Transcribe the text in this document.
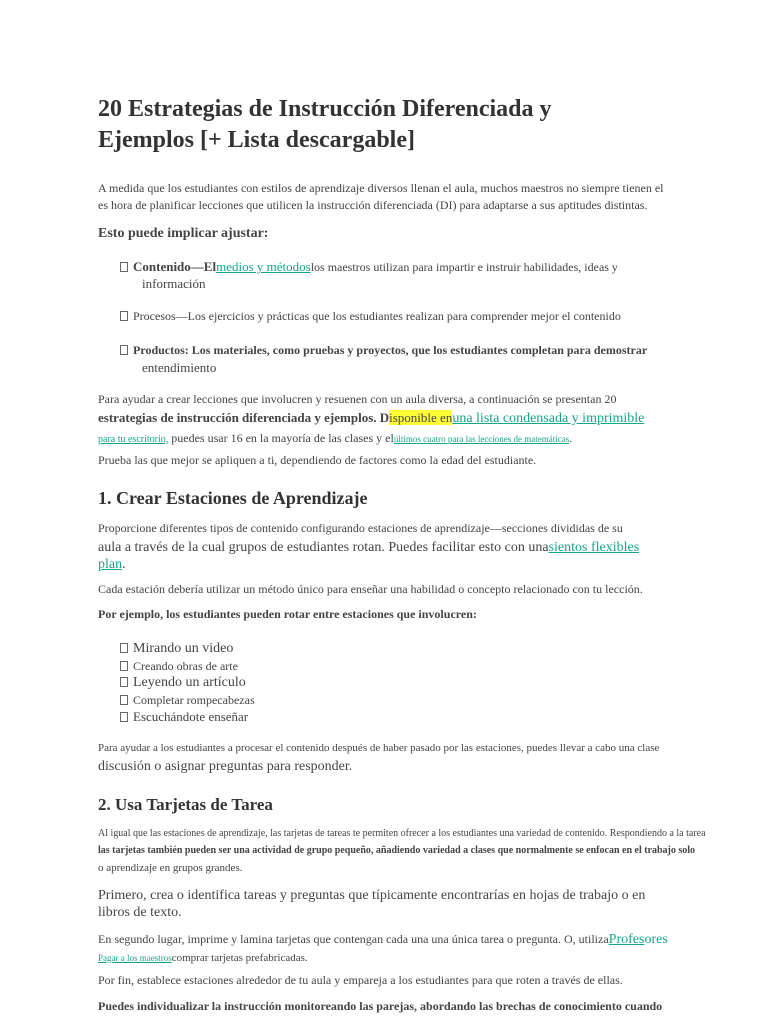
20 Estrategias de Instrucción Diferenciada y
Ejemplos [+ Lista descargable]
A medida que los estudiantes con estilos de aprendizaje diversos llenan el aula, muchos maestros no siempre tienen el
es hora de planificar lecciones que utilicen la instrucción diferenciada (DI) para adaptarse a sus aptitudes distintas.
Esto puede implicar ajustar:
Contenido—Elmedios y métodoslos maestros utilizan para impartir e instruir habilidades, ideas y
información
Procesos—Los ejercicios y prácticas que los estudiantes realizan para comprender mejor el contenido
Productos: Los materiales, como pruebas y proyectos, que los estudiantes completan para demostrar
entendimiento
Para ayudar a crear lecciones que involucren y resuenen con un aula diversa, a continuación se presentan 20
estrategias de instrucción diferenciada y ejemplos. Disponible enuna lista condensada y imprimible
para tu escritorio, puedes usar 16 en la mayoría de las clases y elúltimos cuatro para las lecciones de matemáticas.
Prueba las que mejor se apliquen a ti, dependiendo de factores como la edad del estudiante.
1. Crear Estaciones de Aprendizaje
Proporcione diferentes tipos de contenido configurando estaciones de aprendizaje—secciones divididas de su
aula a través de la cual grupos de estudiantes rotan. Puedes facilitar esto con unasientos flexibles
plan.
Cada estación debería utilizar un método único para enseñar una habilidad o concepto relacionado con tu lección.
Por ejemplo, los estudiantes pueden rotar entre estaciones que involucren:
Mirando un video
Creando obras de arte
Leyendo un artículo
Completar rompecabezas
Escuchándote enseñar
Para ayudar a los estudiantes a procesar el contenido después de haber pasado por las estaciones, puedes llevar a cabo una clase
discusión o asignar preguntas para responder.
2. Usa Tarjetas de Tarea
Al igual que las estaciones de aprendizaje, las tarjetas de tareas te permiten ofrecer a los estudiantes una variedad de contenido. Respondiendo a la tarea
las tarjetas también pueden ser una actividad de grupo pequeño, añadiendo variedad a clases que normalmente se enfocan en el trabajo solo
o aprendizaje en grupos grandes.
Primero, crea o identifica tareas y preguntas que típicamente encontrarías en hojas de trabajo o en
libros de texto.
En segundo lugar, imprime y lamina tarjetas que contengan cada una una única tarea o pregunta. O, utilizaProfesores
Pagar a los maestroscomprar tarjetas prefabricadas.
Por fin, establece estaciones alrededor de tu aula y empareja a los estudiantes para que roten a través de ellas.
Puedes individualizar la instrucción monitoreando las parejas, abordando las brechas de conocimiento cuando
